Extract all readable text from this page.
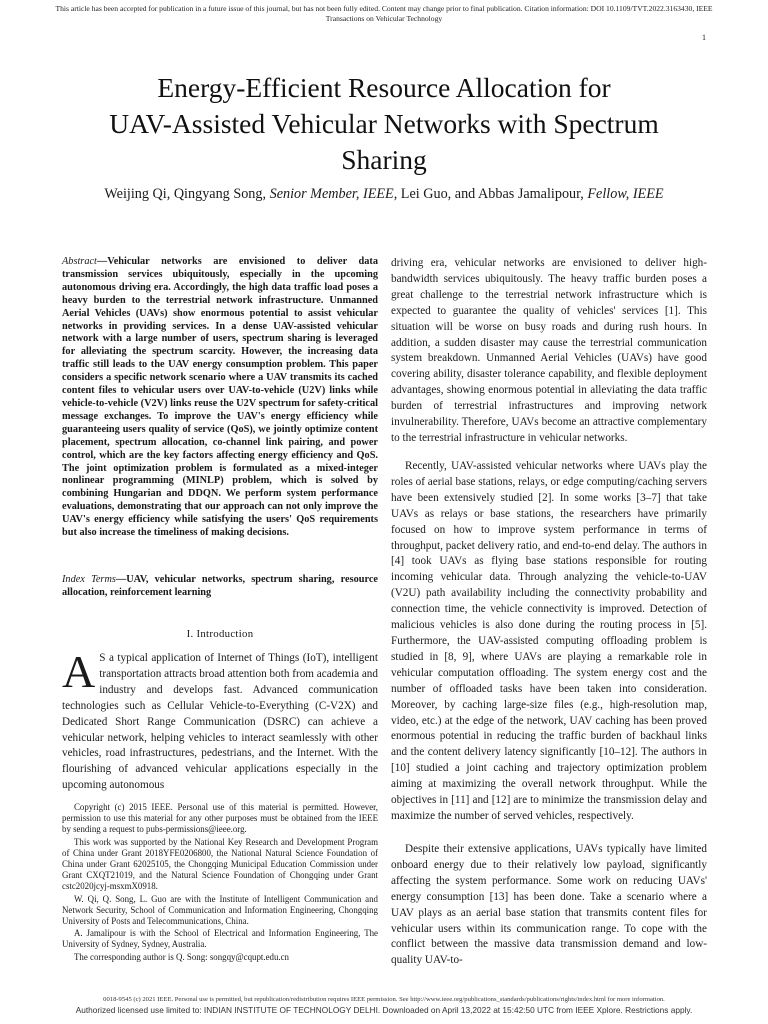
This article has been accepted for publication in a future issue of this journal, but has not been fully edited. Content may change prior to final publication. Citation information: DOI 10.1109/TVT.2022.3163430, IEEE
Transactions on Vehicular Technology
1
Energy-Efficient Resource Allocation for
UAV-Assisted Vehicular Networks with Spectrum
Sharing
Weijing Qi, Qingyang Song, Senior Member, IEEE, Lei Guo, and Abbas Jamalipour, Fellow, IEEE
Abstract—Vehicular networks are envisioned to deliver data transmission services ubiquitously, especially in the upcoming autonomous driving era. Accordingly, the high data traffic load poses a heavy burden to the terrestrial network infrastructure. Unmanned Aerial Vehicles (UAVs) show enormous potential to assist vehicular networks in providing services. In a dense UAV-assisted vehicular network with a large number of users, spectrum sharing is leveraged for alleviating the spectrum scarcity. However, the increasing data traffic still leads to the UAV energy consumption problem. This paper considers a specific network scenario where a UAV transmits its cached content files to vehicular users over UAV-to-vehicle (U2V) links while vehicle-to-vehicle (V2V) links reuse the U2V spectrum for safety-critical message exchanges. To improve the UAV's energy efficiency while guaranteeing users quality of service (QoS), we jointly optimize content placement, spectrum allocation, co-channel link pairing, and power control, which are the key factors affecting energy efficiency and QoS. The joint optimization problem is formulated as a mixed-integer nonlinear programming (MINLP) problem, which is solved by combining Hungarian and DDQN. We perform system performance evaluations, demonstrating that our approach can not only improve the UAV's energy efficiency while satisfying the users' QoS requirements but also increase the timeliness of making decisions.
Index Terms—UAV, vehicular networks, spectrum sharing, resource allocation, reinforcement learning
I. Introduction
A S a typical application of Internet of Things (IoT), intelligent transportation attracts broad attention both from academia and industry and develops fast. Advanced communication technologies such as Cellular Vehicle-to-Everything (C-V2X) and Dedicated Short Range Communication (DSRC) can achieve a vehicular network, helping vehicles to interact seamlessly with other vehicles, road infrastructures, pedestrians, and the Internet. With the flourishing of advanced vehicular applications especially in the upcoming autonomous

Copyright (c) 2015 IEEE. Personal use of this material is permitted. However, permission to use this material for any other purposes must be obtained from the IEEE by sending a request to pubs-permissions@ieee.org.

This work was supported by the National Key Research and Development Program of China under Grant 2018YFE0206800, the National Natural Science Foundation of China under Grant 62025105, the Chongqing Municipal Education Commission under Grant CXQT21019, and the Natural Science Foundation of Chongqing under Grant cstc2020jcyj-msxmX0918.

W. Qi, Q. Song, L. Guo are with the Institute of Intelligent Communication and Network Security, School of Communication and Information Engineering, Chongqing University of Posts and Telecommunications, China.

A. Jamalipour is with the School of Electrical and Information Engineering, The University of Sydney, Sydney, Australia.

The corresponding author is Q. Song: songqy@cqupt.edu.cn

driving era, vehicular networks are envisioned to deliver high-bandwidth services ubiquitously. The heavy traffic burden poses a great challenge to the terrestrial network infrastructure which is expected to guarantee the quality of vehicles' services [1]. This situation will be worse on busy roads and during rush hours. In addition, a sudden disaster may cause the terrestrial communication system breakdown. Unmanned Aerial Vehicles (UAVs) have good covering ability, disaster tolerance capability, and flexible deployment advantages, showing enormous potential in alleviating the data traffic burden of terrestrial infrastructures and improving network invulnerability. Therefore, UAVs become an attractive complementary to the terrestrial infrastructure in vehicular networks.
Recently, UAV-assisted vehicular networks where UAVs play the roles of aerial base stations, relays, or edge computing/caching servers have been extensively studied [2]. In some works [3–7] that take UAVs as relays or base stations, the researchers have primarily focused on how to improve system performance in terms of throughput, packet delivery ratio, and end-to-end delay. The authors in [4] took UAVs as flying base stations responsible for routing incoming vehicular data. Through analyzing the vehicle-to-UAV (V2U) path availability including the connectivity probability and connection time, the vehicle connectivity is improved. Detection of malicious vehicles is also done during the routing process in [5]. Furthermore, the UAV-assisted computing offloading problem is studied in [8, 9], where UAVs are playing a remarkable role in vehicular computation offloading. The system energy cost and the number of offloaded tasks have been taken into consideration. Moreover, by caching large-size files (e.g., high-resolution map, video, etc.) at the edge of the network, UAV caching has been proved enormous potential in reducing the traffic burden of backhaul links and the content delivery latency significantly [10–12]. The authors in [10] studied a joint caching and trajectory optimization problem aiming at maximizing the overall network throughput. While the objectives in [11] and [12] are to minimize the transmission delay and maximize the number of served vehicles, respectively.
Despite their extensive applications, UAVs typically have limited onboard energy due to their relatively low payload, significantly affecting the system performance. Some work on reducing UAVs' energy consumption [13] has been done. Take a scenario where a UAV plays as an aerial base station that transmits content files for vehicular users within its communication range. To cope with the conflict between the massive data transmission demand and low-quality UAV-to-
0018-9545 (c) 2021 IEEE. Personal use is permitted, but republication/redistribution requires IEEE permission. See http://www.ieee.org/publications_standards/publications/rights/index.html for more information.
Authorized licensed use limited to: INDIAN INSTITUTE OF TECHNOLOGY DELHI. Downloaded on April 13,2022 at 15:42:50 UTC from IEEE Xplore. Restrictions apply.
